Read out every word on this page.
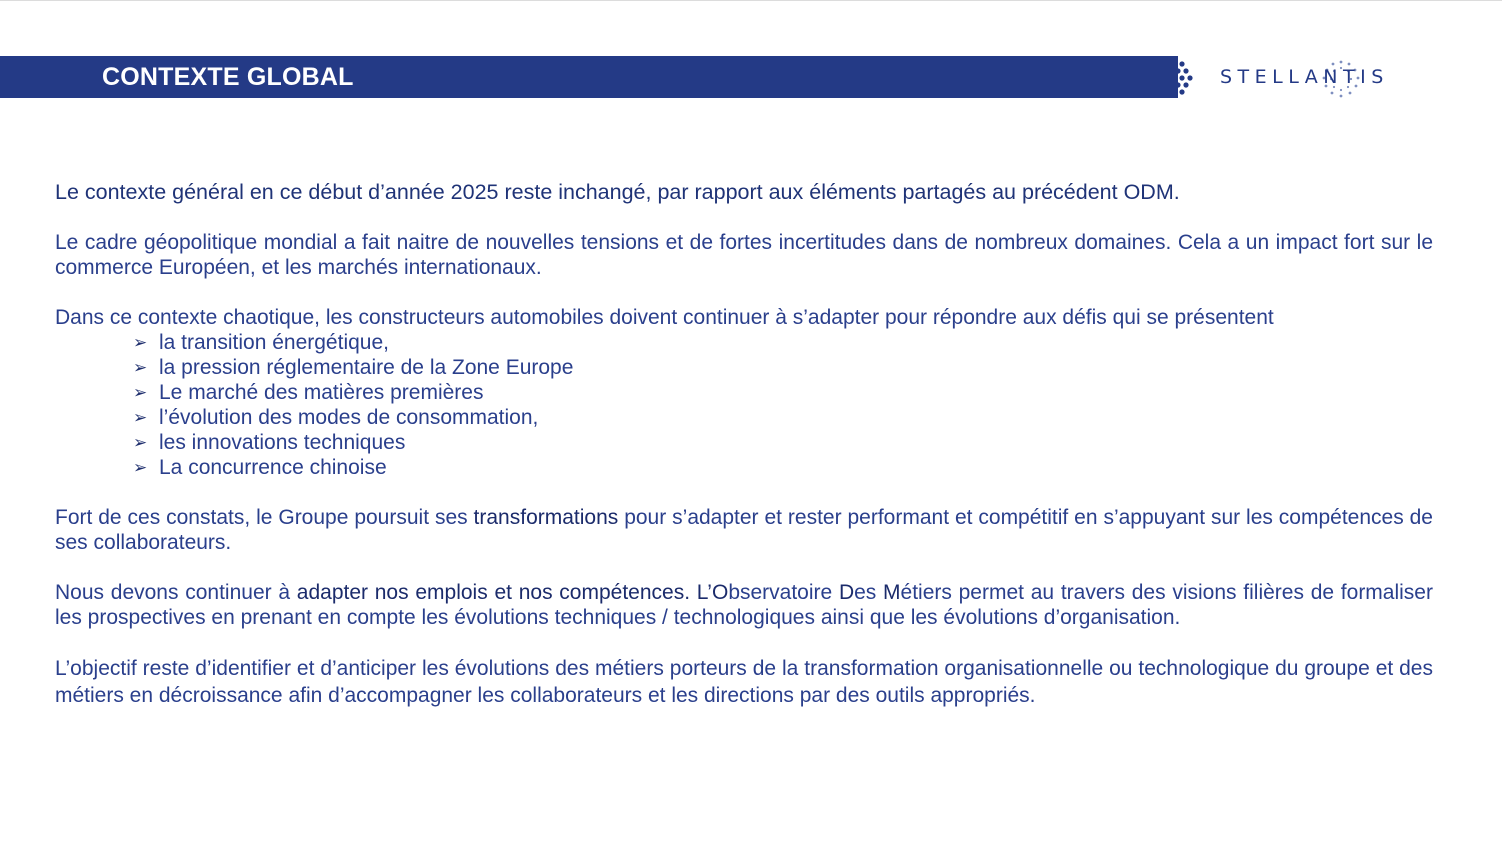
CONTEXTE GLOBAL	STELLANTIS

Le contexte général en ce début d’année 2025 reste inchangé, par rapport aux éléments partagés au précédent ODM.

Le cadre géopolitique mondial a fait naitre de nouvelles tensions et de fortes incertitudes dans de nombreux domaines. Cela a un impact fort sur le commerce Européen, et les marchés internationaux.

Dans ce contexte chaotique, les constructeurs automobiles doivent continuer à s’adapter pour répondre aux défis qui se présentent

➢ la transition énergétique,
➢ la pression réglementaire de la Zone Europe
➢ Le marché des matières premières
➢ l’évolution des modes de consommation,
➢ les innovations techniques
➢ La concurrence chinoise

Fort de ces constats, le Groupe poursuit ses transformations pour s’adapter et rester performant et compétitif en s’appuyant sur les compétences de ses collaborateurs.

Nous devons continuer à adapter nos emplois et nos compétences. L’Observatoire Des Métiers permet au travers des visions filières de formaliser les prospectives en prenant en compte les évolutions techniques / technologiques ainsi que les évolutions d’organisation.

L’objectif reste d’identifier et d’anticiper les évolutions des métiers porteurs de la transformation organisationnelle ou technologique du groupe et des métiers en décroissance afin d’accompagner les collaborateurs et les directions par des outils appropriés.
